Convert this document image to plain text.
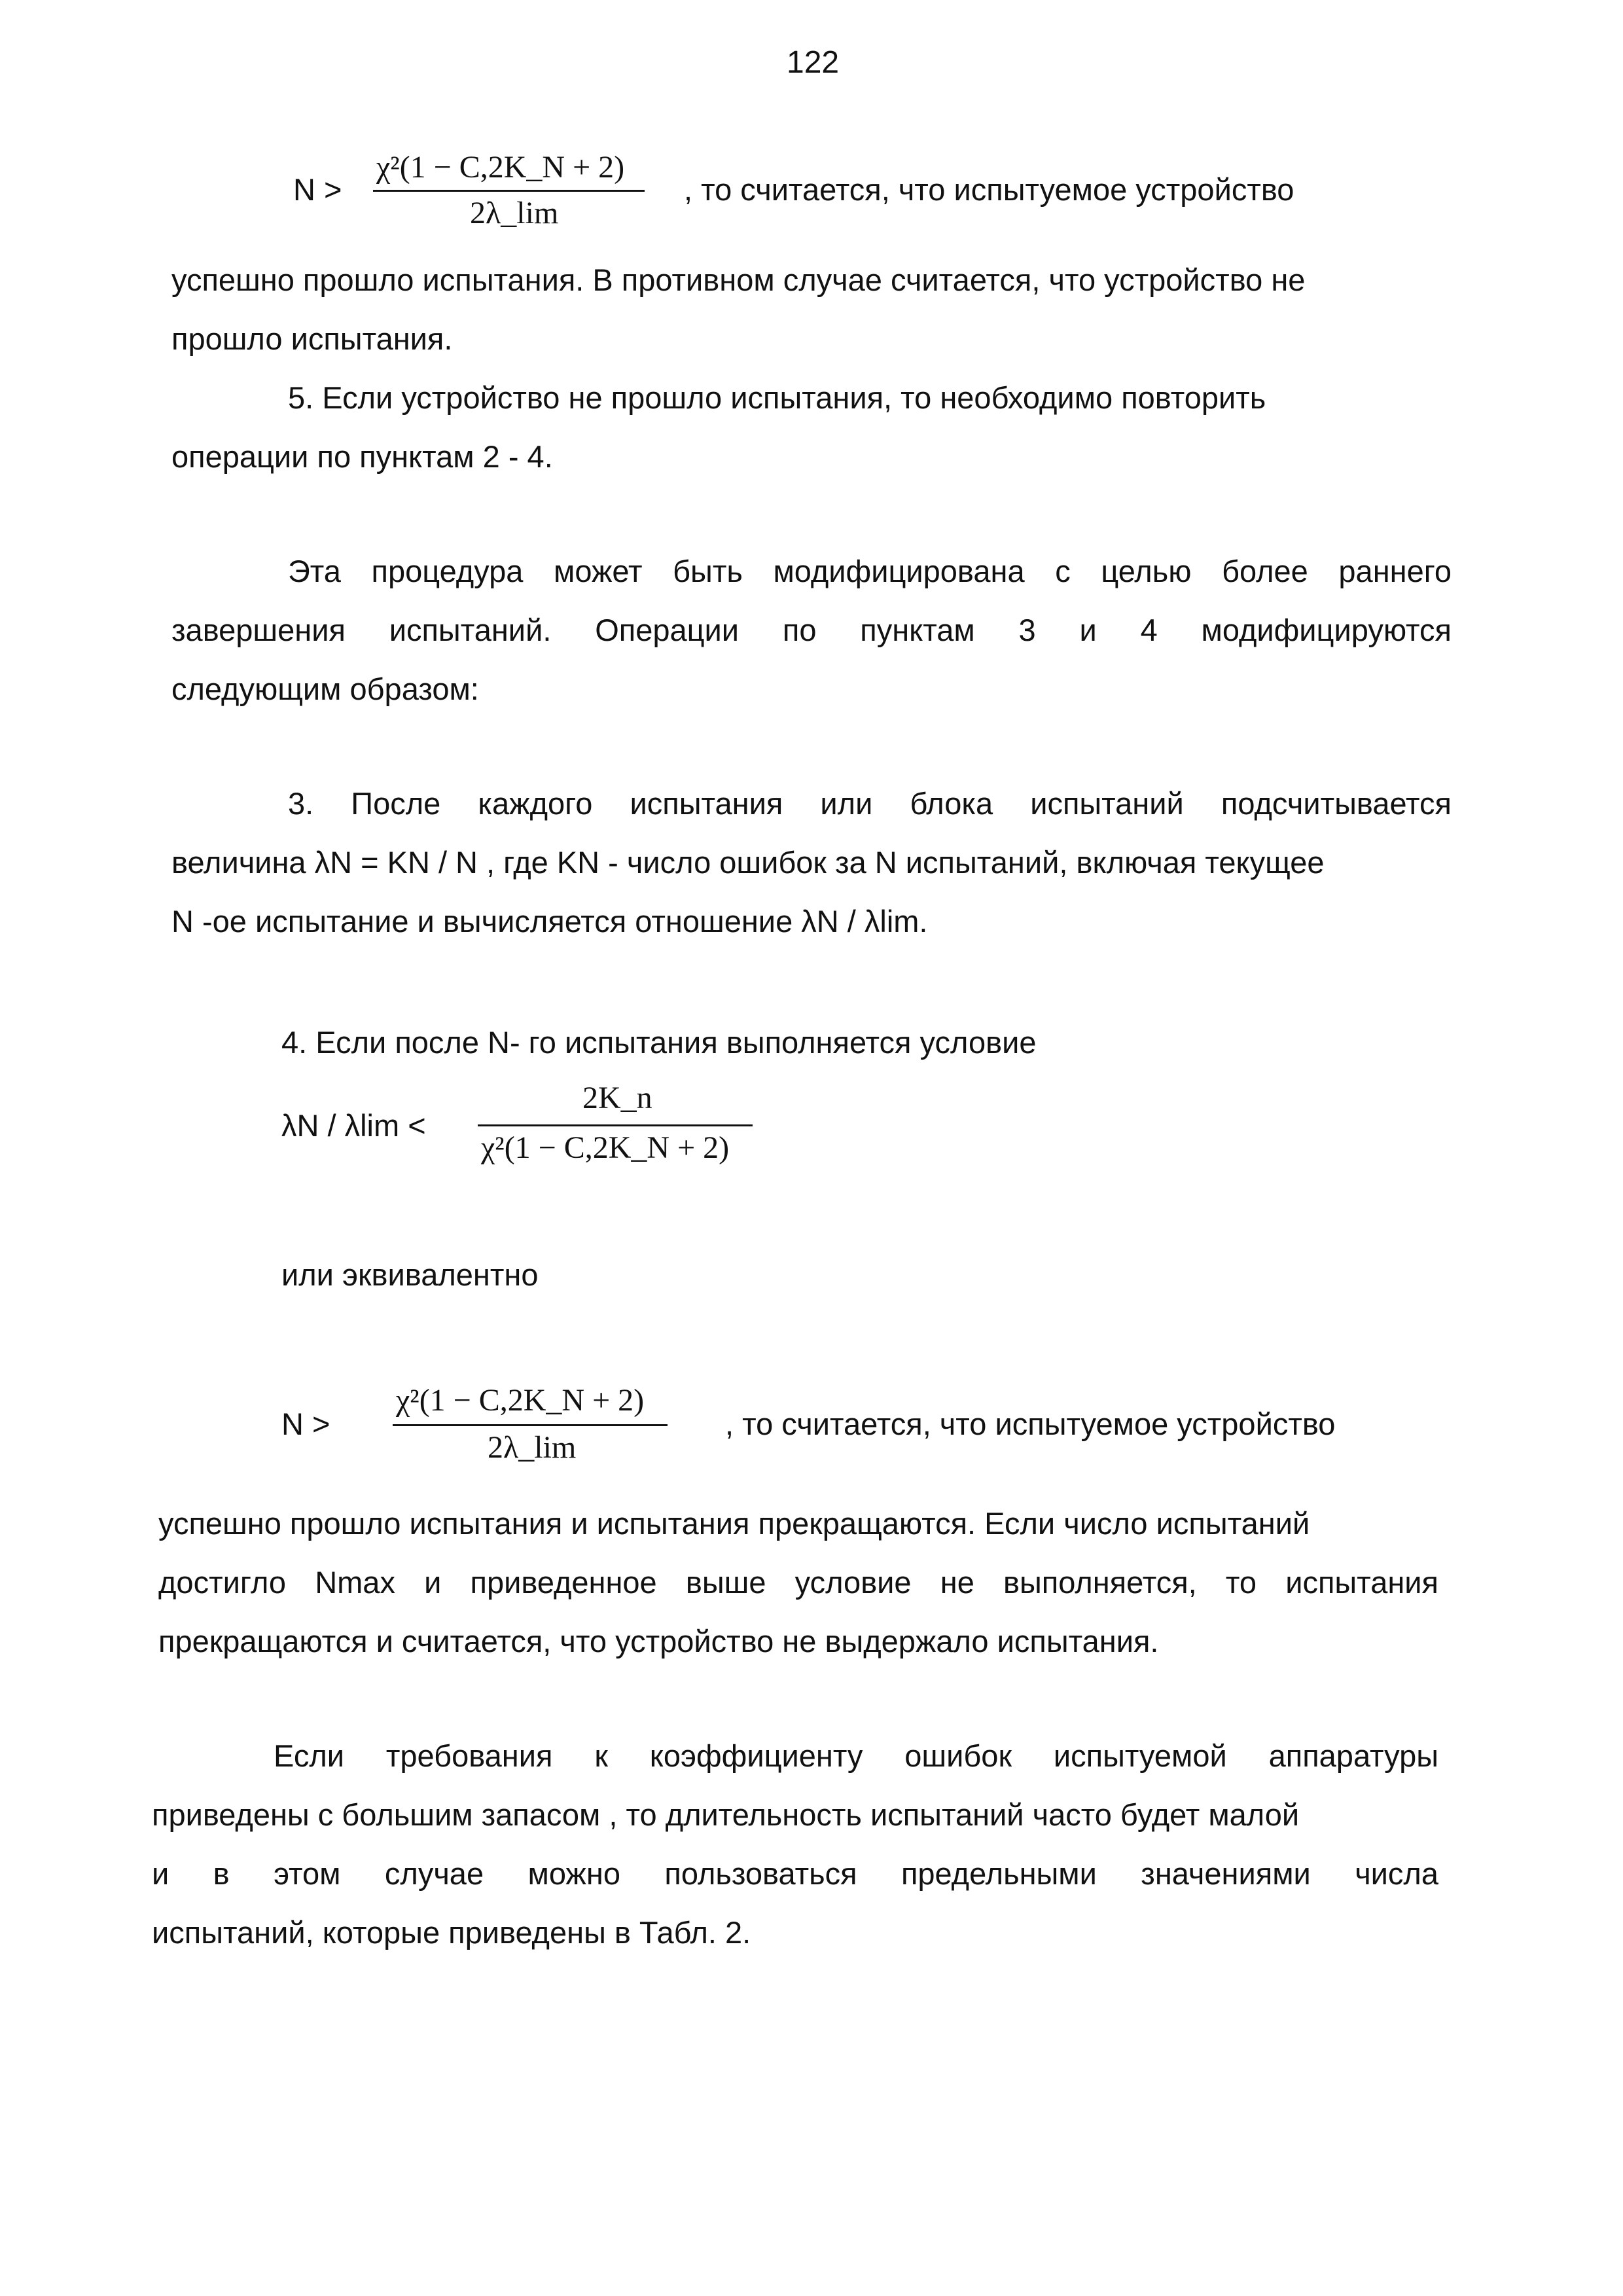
122
N >
χ²(1 − C,2K_N + 2)
2λ_lim
, то считается, что испытуемое устройство
успешно прошло испытания. В противном случае считается, что устройство не
прошло испытания.
5. Если устройство не прошло испытания, то необходимо повторить
операции по пунктам 2 - 4.
Эта процедура может быть модифицирована с целью более раннего
завершения испытаний. Операции по пунктам 3 и 4 модифицируются
следующим образом:
3. После каждого испытания или блока испытаний подсчитывается
величина λN = KN / N , где KN - число ошибок за N испытаний, включая текущее
N -ое испытание и вычисляется отношение λN / λlim.
4. Если после N- го испытания выполняется условие
λN / λlim <
2K_n
χ²(1 − C,2K_N + 2)
или эквивалентно
N >
χ²(1 − C,2K_N + 2)
2λ_lim
, то считается, что испытуемое устройство
успешно прошло испытания и испытания прекращаются. Если число испытаний
достигло Nmax и приведенное выше условие не выполняется, то испытания
прекращаются и считается, что устройство не выдержало испытания.
Если требования к коэффициенту ошибок испытуемой аппаратуры
приведены с большим запасом , то длительность испытаний часто будет малой
и в этом случае можно пользоваться предельными значениями числа
испытаний, которые приведены в Табл. 2.
